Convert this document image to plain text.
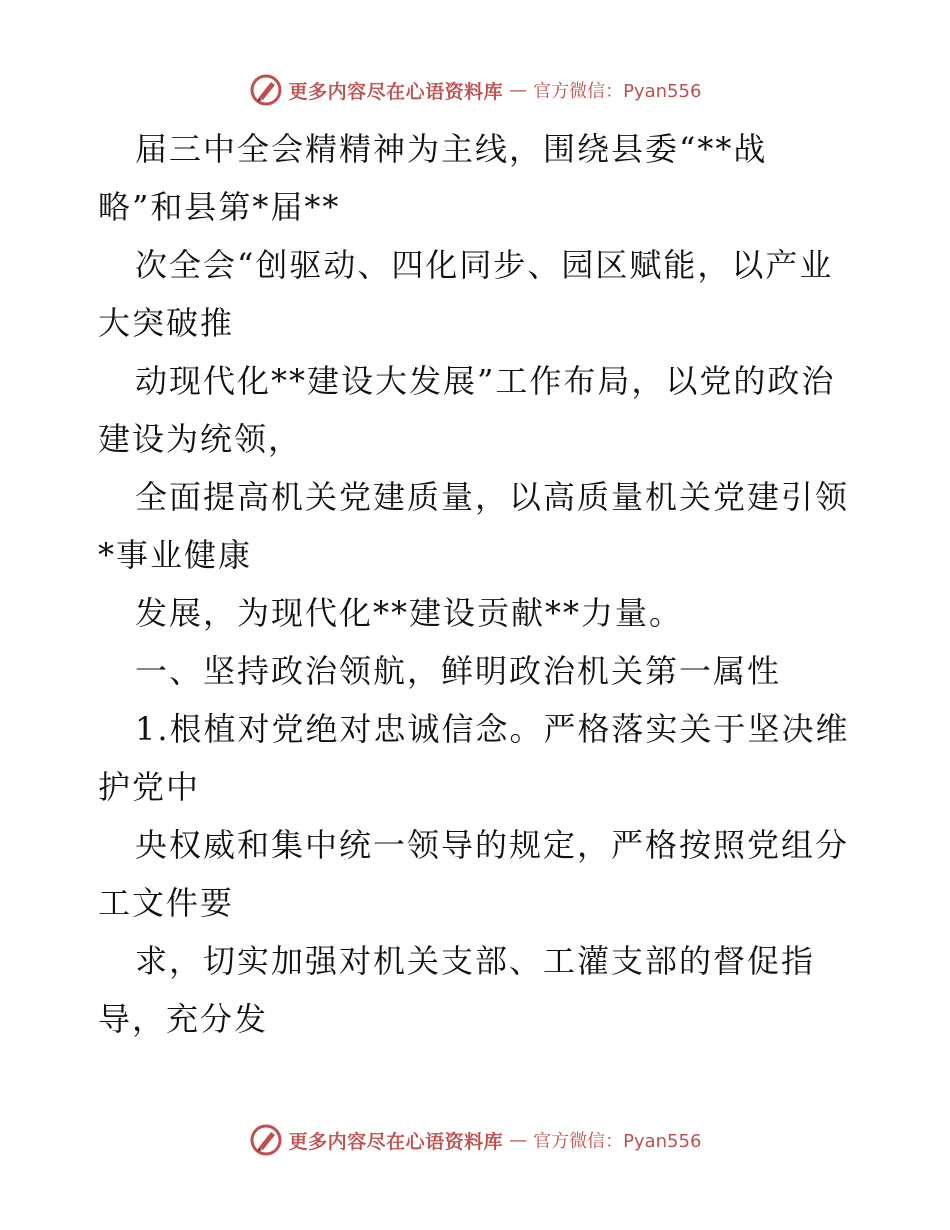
更多内容尽在心语资料库 — 官方微信：Pyan556
届三中全会精精神为主线，围绕县委“**战
略”和县第*届**
次全会“创驱动、四化同步、园区赋能，以产业
大突破推
动现代化**建设大发展”工作布局，以党的政治
建设为统领，
全面提高机关党建质量，以高质量机关党建引领
*事业健康
发展，为现代化**建设贡献**力量。
一、坚持政治领航，鲜明政治机关第一属性
1.根植对党绝对忠诚信念。严格落实关于坚决维
护党中
央权威和集中统一领导的规定，严格按照党组分
工文件要
求，切实加强对机关支部、工灌支部的督促指
导，充分发
更多内容尽在心语资料库 — 官方微信：Pyan556
